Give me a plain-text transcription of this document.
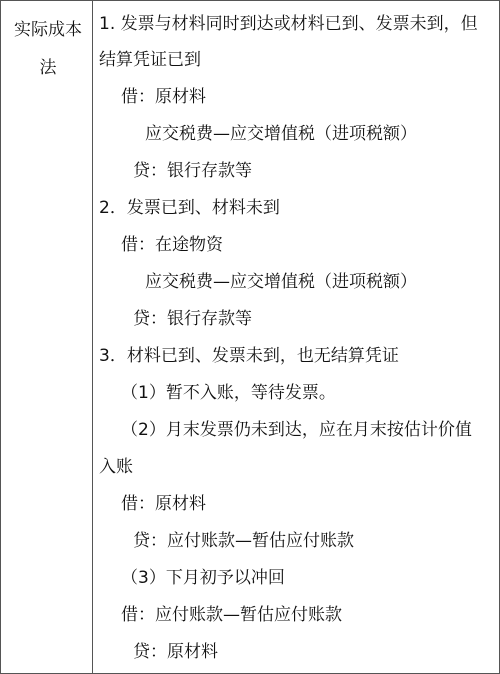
实际成本法
1. 发票与材料同时到达或材料已到、发票未到，但
结算凭证已到
借：原材料
应交税费—应交增值税（进项税额）
贷：银行存款等
2．发票已到、材料未到
借：在途物资
应交税费—应交增值税（进项税额）
贷：银行存款等
3．材料已到、发票未到，也无结算凭证
（1）暂不入账，等待发票。
（2）月末发票仍未到达，应在月末按估计价值
入账
借：原材料
贷：应付账款—暂估应付账款
（3）下月初予以冲回
借：应付账款—暂估应付账款
贷：原材料
